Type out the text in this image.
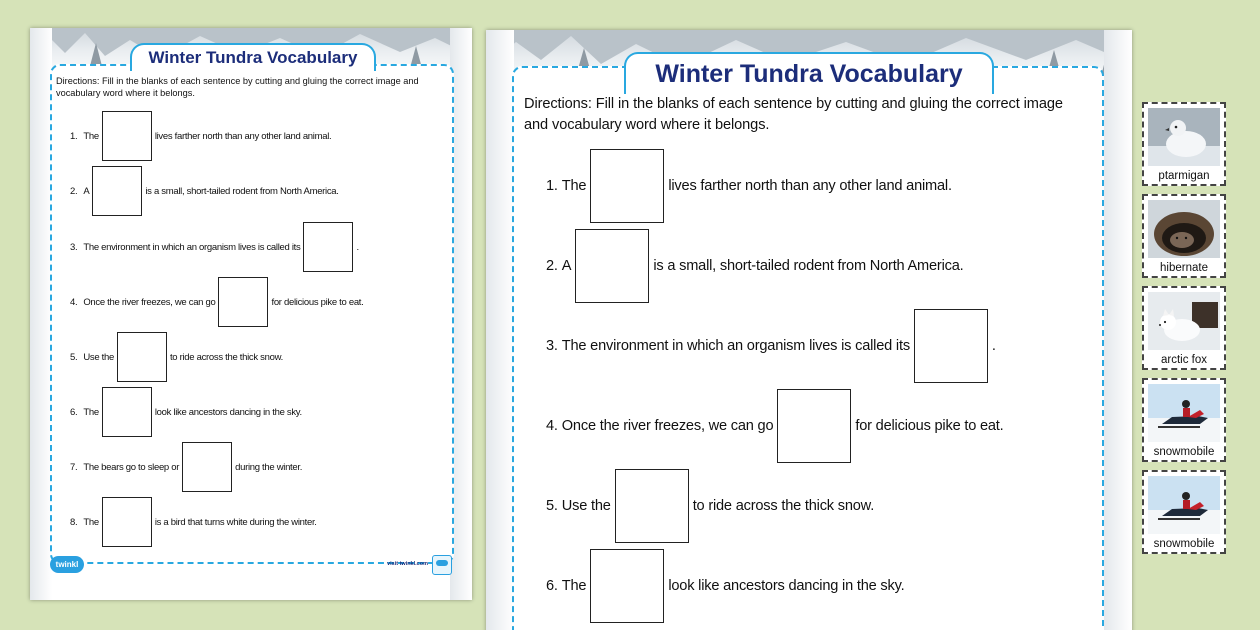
Winter Tundra Vocabulary
Directions: Fill in the blanks of each sentence by cutting and gluing the correct image and vocabulary word where it belongs.
1. The	lives farther north than any other land animal.
2. A	is a small, short-tailed rodent from North America.
3. The environment in which an organism lives is called its	.
4. Once the river freezes, we can go	for delicious pike to eat.
5. Use the	to ride across the thick snow.
6. The	look like ancestors dancing in the sky.
7. The bears go to sleep or	during the winter.
8. The	is a bird that turns white during the winter.
twinkl	visit twinkl.com
Winter Tundra Vocabulary
Directions: Fill in the blanks of each sentence by cutting and gluing the correct image and vocabulary word where it belongs.
1. The	lives farther north than any other land animal.
2. A	is a small, short-tailed rodent from North America.
3. The environment in which an organism lives is called its	.
4. Once the river freezes, we can go	for delicious pike to eat.
5. Use the	to ride across the thick snow.
6. The	look like ancestors dancing in the sky.
ptarmigan
hibernate
arctic fox
snowmobile
snowmobile
